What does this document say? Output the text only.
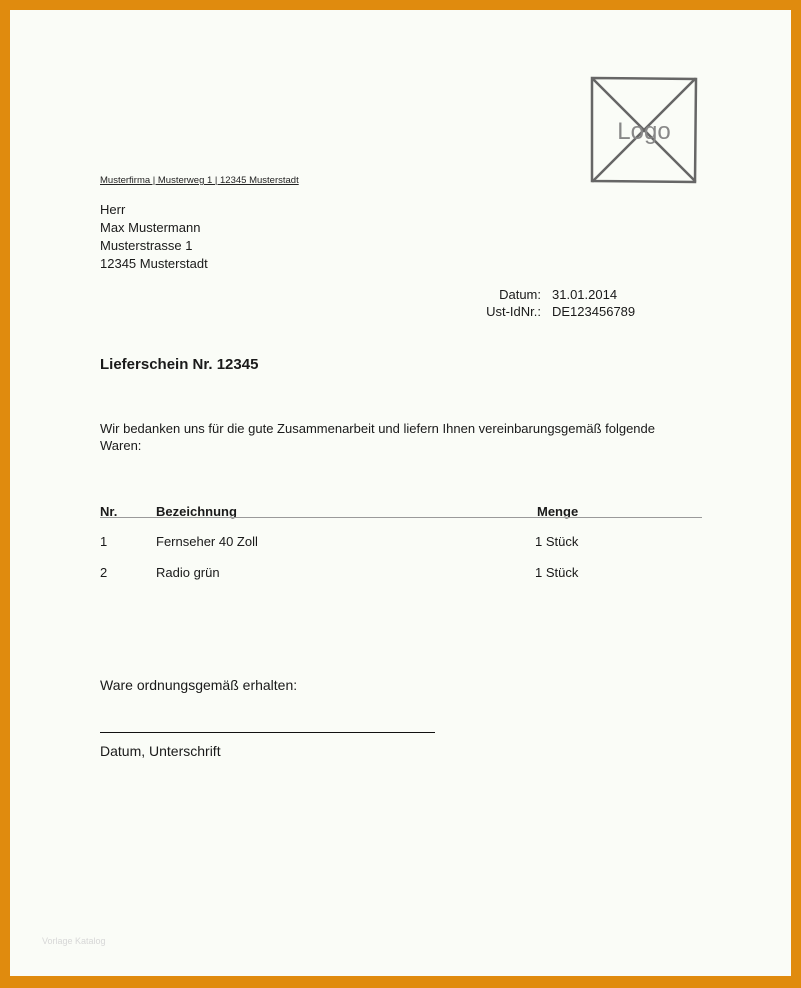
Logo
Musterfirma | Musterweg 1 | 12345 Musterstadt
Herr
Max Mustermann
Musterstrasse 1
12345 Musterstadt
Datum: 31.01.2014
Ust-IdNr.: DE123456789
Lieferschein Nr. 12345
Wir bedanken uns für die gute Zusammenarbeit und liefern Ihnen vereinbarungsgemäß folgende Waren:
Nr.	Bezeichnung	Menge
1	Fernseher 40 Zoll	1 Stück
2	Radio grün	1 Stück
Ware ordnungsgemäß erhalten:
Datum, Unterschrift
Vorlage Katalog
